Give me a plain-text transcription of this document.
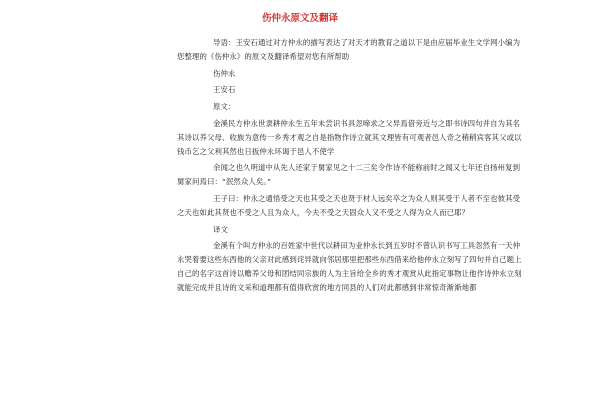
伤仲永原文及翻译

导语：王安石通过对方仲永的描写表达了对天才的教育之道以下是由应届毕业生文学网小编为您整理的《伤仲永》的原文及翻译希望对您有所帮助

伤仲永
王安石
原文：

金溪民方仲永世隶耕仲永生五年未尝识书具忽啼求之父异焉借旁近与之即书诗四句并自为其名其诗以养父母、收族为意传一乡秀才观之自是指物作诗立就其文理皆有可观者邑人奇之稍稍宾客其父或以钱币乞之父利其然也日扳仲永环谒于邑人不使学

余闻之也久明道中从先人还家于舅家见之十二三矣令作诗不能称前时之闻又七年还自扬州复到舅家问焉曰：“泯然众人矣。”

王子曰：仲永之通悟受之天也其受之天也贤于材人远矣卒之为众人则其受于人者不至也彼其受之天也如此其贤也不受之人且为众人，今夫不受之天固众人又不受之人得为众人而已耶？

译文

金溪有个叫方仲永的百姓家中世代以耕田为业仲永长到五岁时不曾认识书写工具忽然有一天仲永哭着要这些东西他的父亲对此感到诧异就向邻居那里把那些东西借来给他仲永立刻写了四句并自己题上自己的名字这首诗以赡养父母和团结同宗族的人为主旨给全乡的秀才观赏从此指定事物让他作诗仲永立刻就能完成并且诗的文采和道理都有值得欣赏的地方同县的人们对此都感到非常惊奇渐渐地都
